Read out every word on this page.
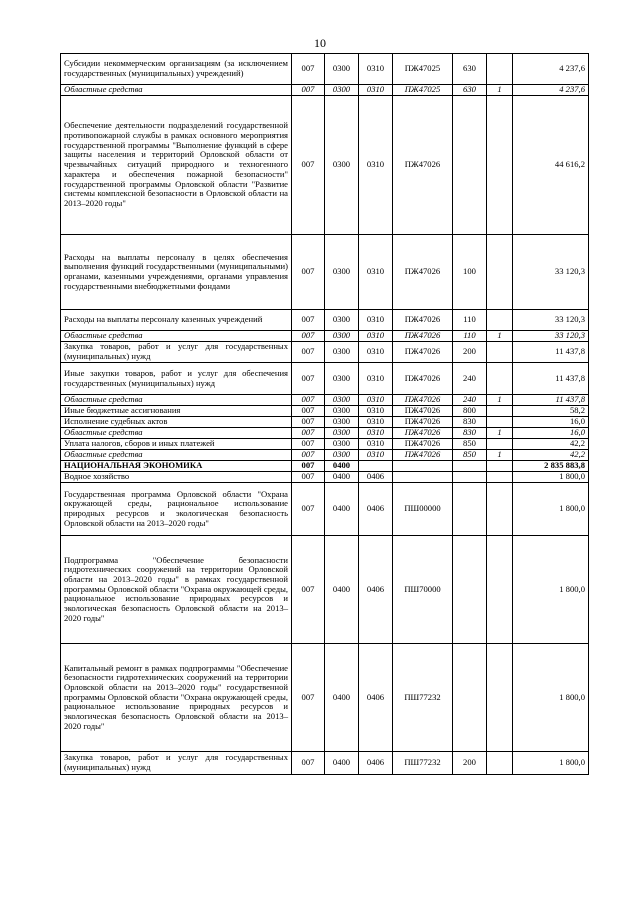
10
Субсидии некоммерческим организациям (за исключением государственных (муниципальных) учреждений)	007	0300	0310	ПЖ47025	630		4 237,6
Областные средства	007	0300	0310	ПЖ47025	630	1	4 237,6
Обеспечение деятельности подразделений государственной противопожарной службы в рамках основного мероприятия государственной программы "Выполнение функций в сфере защиты населения и территорий Орловской области от чрезвычайных ситуаций природного и техногенного характера и обеспечения пожарной безопасности" государственной программы Орловской области "Развитие системы комплексной безопасности в Орловской области на 2013–2020 годы"	007	0300	0310	ПЖ47026			44 616,2
Расходы на выплаты персоналу в целях обеспечения выполнения функций государственными (муниципальными) органами, казенными учреждениями, органами управления государственными внебюджетными фондами	007	0300	0310	ПЖ47026	100		33 120,3
Расходы на выплаты персоналу казенных учреждений	007	0300	0310	ПЖ47026	110		33 120,3
Областные средства	007	0300	0310	ПЖ47026	110	1	33 120,3
Закупка товаров, работ и услуг для государственных (муниципальных) нужд	007	0300	0310	ПЖ47026	200		11 437,8
Иные закупки товаров, работ и услуг для обеспечения государственных (муниципальных) нужд	007	0300	0310	ПЖ47026	240		11 437,8
Областные средства	007	0300	0310	ПЖ47026	240	1	11 437,8
Иные бюджетные ассигнования	007	0300	0310	ПЖ47026	800		58,2
Исполнение судебных актов	007	0300	0310	ПЖ47026	830		16,0
Областные средства	007	0300	0310	ПЖ47026	830	1	16,0
Уплата налогов, сборов и иных платежей	007	0300	0310	ПЖ47026	850		42,2
Областные средства	007	0300	0310	ПЖ47026	850	1	42,2
НАЦИОНАЛЬНАЯ ЭКОНОМИКА	007	0400					2 835 883,8
Водное хозяйство	007	0400	0406				1 800,0
Государственная программа Орловской области "Охрана окружающей среды, рациональное использование природных ресурсов и экологическая безопасность Орловской области на 2013–2020 годы"	007	0400	0406	ПШ00000			1 800,0
Подпрограмма "Обеспечение безопасности гидротехнических сооружений на территории Орловской области на 2013–2020 годы" в рамках государственной программы Орловской области "Охрана окружающей среды, рациональное использование природных ресурсов и экологическая безопасность Орловской области на 2013–2020 годы"	007	0400	0406	ПШ70000			1 800,0
Капитальный ремонт в рамках подпрограммы "Обеспечение безопасности гидротехнических сооружений на территории Орловской области на 2013–2020 годы" государственной программы Орловской области "Охрана окружающей среды, рациональное использование природных ресурсов и экологическая безопасность Орловской области на 2013–2020 годы"	007	0400	0406	ПШ77232			1 800,0
Закупка товаров, работ и услуг для государственных (муниципальных) нужд	007	0400	0406	ПШ77232	200		1 800,0
